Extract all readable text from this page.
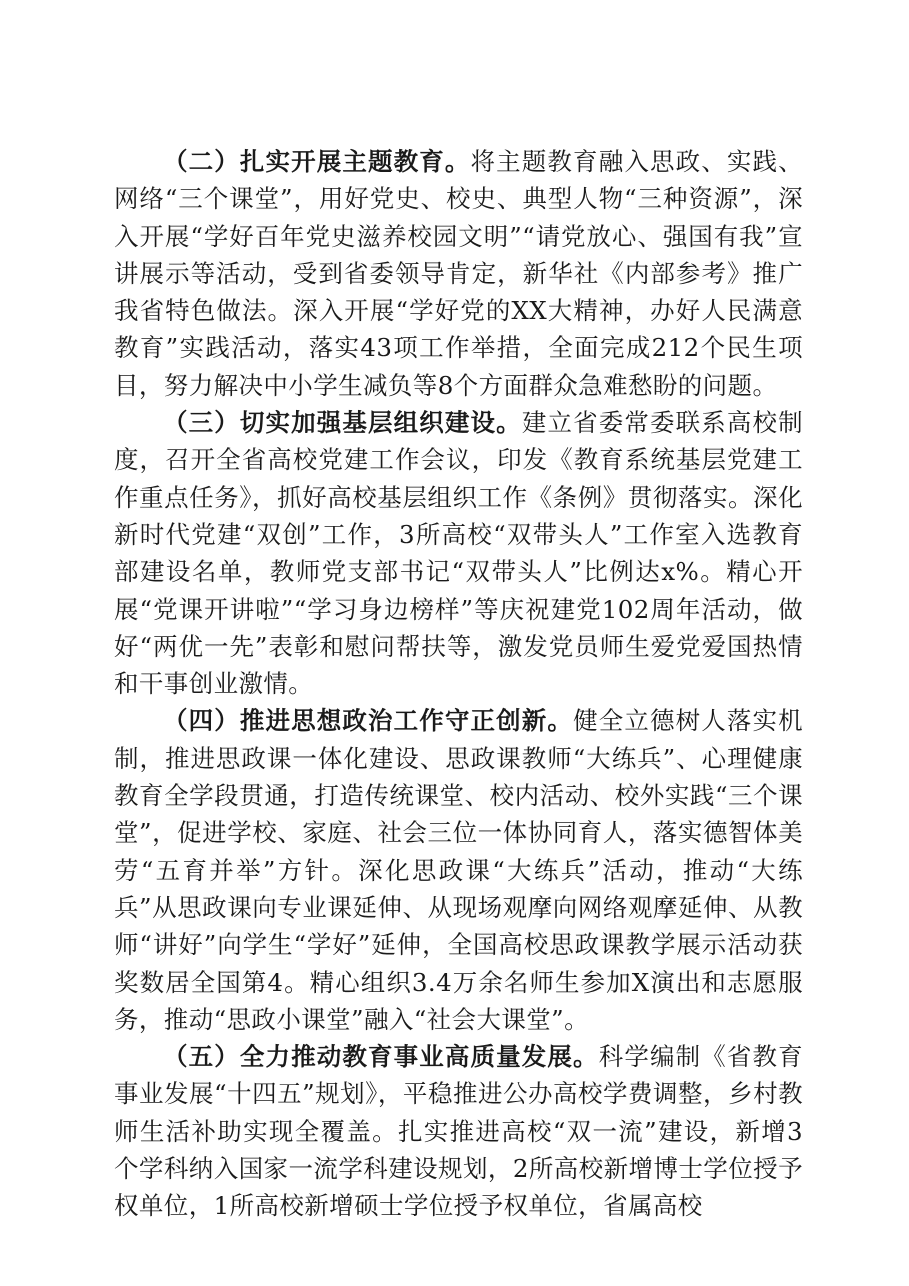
（二）扎实开展主题教育。将主题教育融入思政、实践、网络“三个课堂”，用好党史、校史、典型人物“三种资源”，深入开展“学好百年党史滋养校园文明”“请党放心、强国有我”宣讲展示等活动，受到省委领导肯定，新华社《内部参考》推广我省特色做法。深入开展“学好党的XX大精神，办好人民满意教育”实践活动，落实43项工作举措，全面完成212个民生项目，努力解决中小学生减负等8个方面群众急难愁盼的问题。

（三）切实加强基层组织建设。建立省委常委联系高校制度，召开全省高校党建工作会议，印发《教育系统基层党建工作重点任务》，抓好高校基层组织工作《条例》贯彻落实。深化新时代党建“双创”工作，3所高校“双带头人”工作室入选教育部建设名单，教师党支部书记“双带头人”比例达x%。精心开展“党课开讲啦”“学习身边榜样”等庆祝建党102周年活动，做好“两优一先”表彰和慰问帮扶等，激发党员师生爱党爱国热情和干事创业激情。

（四）推进思想政治工作守正创新。健全立德树人落实机制，推进思政课一体化建设、思政课教师“大练兵”、心理健康教育全学段贯通，打造传统课堂、校内活动、校外实践“三个课堂”，促进学校、家庭、社会三位一体协同育人，落实德智体美劳“五育并举”方针。深化思政课“大练兵”活动，推动“大练兵”从思政课向专业课延伸、从现场观摩向网络观摩延伸、从教师“讲好”向学生“学好”延伸，全国高校思政课教学展示活动获奖数居全国第4。精心组织3.4万余名师生参加X演出和志愿服务，推动“思政小课堂”融入“社会大课堂”。

（五）全力推动教育事业高质量发展。科学编制《省教育事业发展“十四五”规划》，平稳推进公办高校学费调整，乡村教师生活补助实现全覆盖。扎实推进高校“双一流”建设，新增3个学科纳入国家一流学科建设规划，2所高校新增博士学位授予权单位，1所高校新增硕士学位授予权单位，省属高校
